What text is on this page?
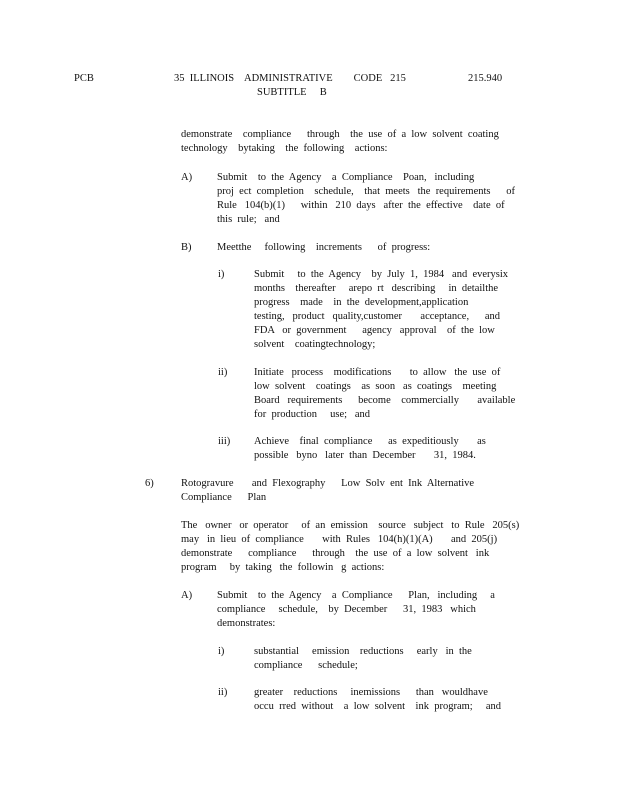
PCB	35  ILLINOIS    ADMINISTRATIVE        CODE   215
SUBTITLE     B
215.940
demonstrate    compliance      through    the  use  of  a  low  solvent  coating
technology    bytaking    the  following    actions:
A) Submit    to  the  Agency    a  Compliance    Poan,   including
proj  ect  completion    schedule,    that  meets   the  requirements      of
Rule   104(b)(1)      within   210  days   after  the  effective    date  of
this  rule;   and
B) Meetthe     following    increments      of  progress:
i)	Submit     to  the  Agency    by  July  1,  1984   and  everysix
months    thereafter     arepo  rt   describing     in  detailthe
progress    made    in  the  development,application
testing,   product   quality,customer       acceptance,      and
FDA   or  government      agency   approval    of  the  low
solvent    coatingtechnology;
ii)	Initiate   process    modifications       to  allow   the  use  of
low  solvent    coatings    as  soon   as  coatings    meeting
Board   requirements      become    commercially       available
for  production     use;   and
iii) Achieve    final  compliance      as  expeditiously       as
possible   byno   later  than  December       31,  1984.
6)	Rotogravure       and  Flexography      Low  Solv  ent  Ink  Alternative
Compliance      Plan
The   owner   or  operator     of  an  emission    source   subject   to  Rule   205(s)
may   in  lieu  of  compliance       with  Rules   104(h)(1)(A)       and  205(j)
demonstrate      compliance      through    the  use  of  a  low  solvent   ink
program     by  taking   the  followin   g  actions:
A) Submit    to  the  Agency    a  Compliance      Plan,   including     a
compliance     schedule,    by  December      31,  1983   which
demonstrates:
i)	substantial     emission    reductions     early   in  the
compliance      schedule;
ii)	greater    reductions     inemissions      than   wouldhave
occu  rred  without    a  low  solvent    ink  program;     and
